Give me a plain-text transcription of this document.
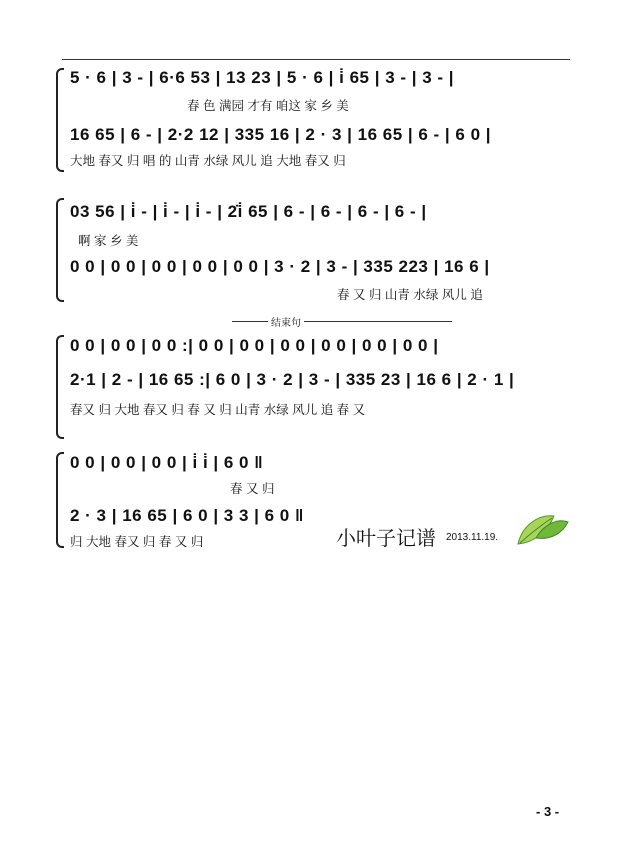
5 · 6 | 3 - | 6·6 53 | 13 23 | 5 · 6 | i̇ 65 | 3 - | 3 - |
春 色 满园 才有 咱这 家 乡 美
16 65 | 6 - | 2·2 12 | 335 16 | 2 · 3 | 16 65 | 6 - | 6 0 |
大地 春又 归 唱 的 山青 水绿 风儿 追 大地 春又 归
03 56 | i̇ - | i̇ - | i̇ - | 2̇i̇ 65 | 6 - | 6 - | 6 - | 6 - |
啊 家 乡 美
0 0 | 0 0 | 0 0 | 0 0 | 0 0 | 3 · 2 | 3 - | 335 223 | 16 6 |
春 又 归 山青 水绿 风儿 追
结束句
0 0 | 0 0 | 0 0 :| 0 0 | 0 0 | 0 0 | 0 0 | 0 0 | 0 0 |
2·1 | 2 - | 16 65 :| 6 0 | 3 · 2 | 3 - | 335 23 | 16 6 | 2 · 1 |
春又 归 大地 春又 归 春 又 归 山青 水绿 风儿 追 春 又
0 0 | 0 0 | 0 0 | i̇ i̇ | 6 0 ‖
春 又 归
2 · 3 | 16 65 | 6 0 | 3 3 | 6 0 ‖
归 大地 春又 归 春 又 归	小叶子记谱 2013.11.19.
- 3 -
